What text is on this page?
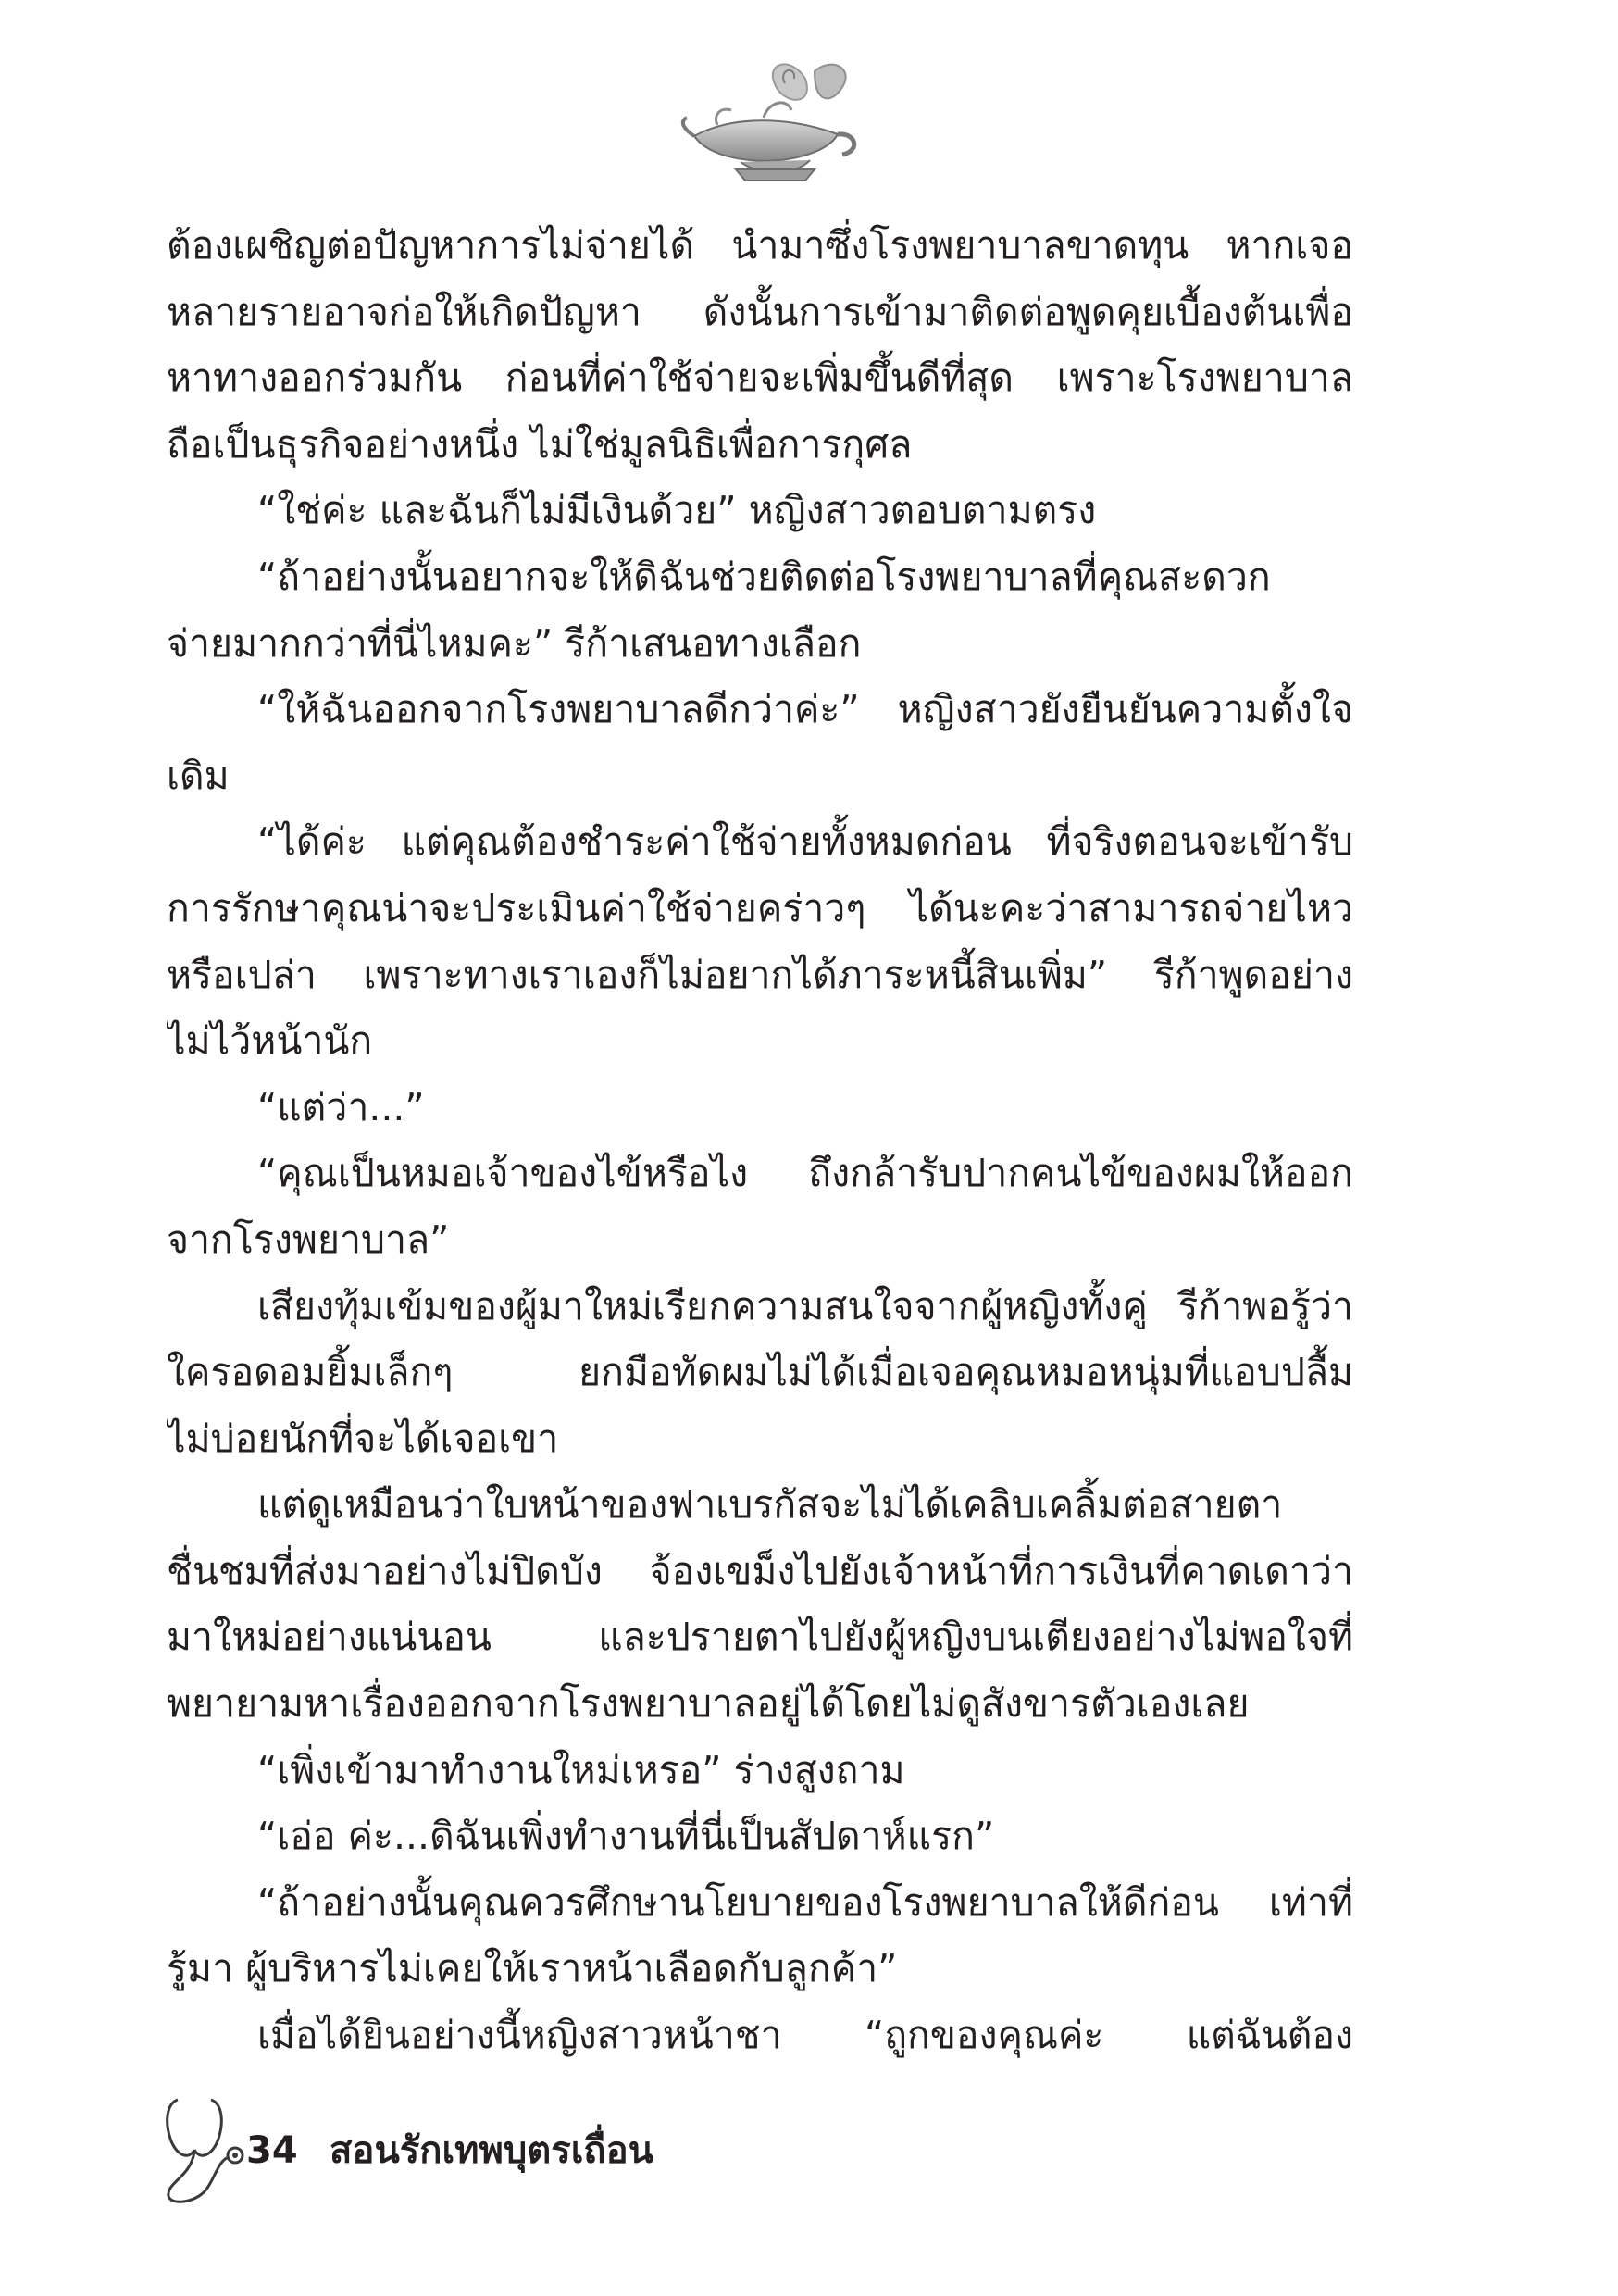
ต้องเผชิญต่อปัญหาการไม่จ่ายได้ นำมาซึ่งโรงพยาบาลขาดทุน หากเจอ
หลายรายอาจก่อให้เกิดปัญหา ดังนั้นการเข้ามาติดต่อพูดคุยเบื้องต้นเพื่อ
หาทางออกร่วมกัน ก่อนที่ค่าใช้จ่ายจะเพิ่มขึ้นดีที่สุด เพราะโรงพยาบาล
ถือเป็นธุรกิจอย่างหนึ่ง ไม่ใช่มูลนิธิเพื่อการกุศล
“ใช่ค่ะ และฉันก็ไม่มีเงินด้วย” หญิงสาวตอบตามตรง
“ถ้าอย่างนั้นอยากจะให้ดิฉันช่วยติดต่อโรงพยาบาลที่คุณสะดวก
จ่ายมากกว่าที่นี่ไหมคะ” รีก้าเสนอทางเลือก
“ให้ฉันออกจากโรงพยาบาลดีกว่าค่ะ” หญิงสาวยังยืนยันความตั้งใจ
เดิม
“ได้ค่ะ แต่คุณต้องชำระค่าใช้จ่ายทั้งหมดก่อน ที่จริงตอนจะเข้ารับ
การรักษาคุณน่าจะประเมินค่าใช้จ่ายคร่าวๆ ได้นะคะว่าสามารถจ่ายไหว
หรือเปล่า เพราะทางเราเองก็ไม่อยากได้ภาระหนี้สินเพิ่ม” รีก้าพูดอย่าง
ไม่ไว้หน้านัก
“แต่ว่า...”
“คุณเป็นหมอเจ้าของไข้หรือไง ถึงกล้ารับปากคนไข้ของผมให้ออก
จากโรงพยาบาล”
เสียงทุ้มเข้มของผู้มาใหม่เรียกความสนใจจากผู้หญิงทั้งคู่ รีก้าพอรู้ว่า
ใครอดอมยิ้มเล็กๆ ยกมือทัดผมไม่ได้เมื่อเจอคุณหมอหนุ่มที่แอบปลื้ม
ไม่บ่อยนักที่จะได้เจอเขา
แต่ดูเหมือนว่าใบหน้าของฟาเบรกัสจะไม่ได้เคลิบเคลิ้มต่อสายตา
ชื่นชมที่ส่งมาอย่างไม่ปิดบัง จ้องเขม็งไปยังเจ้าหน้าที่การเงินที่คาดเดาว่า
มาใหม่อย่างแน่นอน และปรายตาไปยังผู้หญิงบนเตียงอย่างไม่พอใจที่
พยายามหาเรื่องออกจากโรงพยาบาลอยู่ได้โดยไม่ดูสังขารตัวเองเลย
“เพิ่งเข้ามาทำงานใหม่เหรอ” ร่างสูงถาม
“เอ่อ ค่ะ...ดิฉันเพิ่งทำงานที่นี่เป็นสัปดาห์แรก”
“ถ้าอย่างนั้นคุณควรศึกษานโยบายของโรงพยาบาลให้ดีก่อน เท่าที่
รู้มา ผู้บริหารไม่เคยให้เราหน้าเลือดกับลูกค้า”
เมื่อได้ยินอย่างนี้หญิงสาวหน้าชา “ถูกของคุณค่ะ แต่ฉันต้อง
34 สอนรักเทพบุตรเถื่อน
